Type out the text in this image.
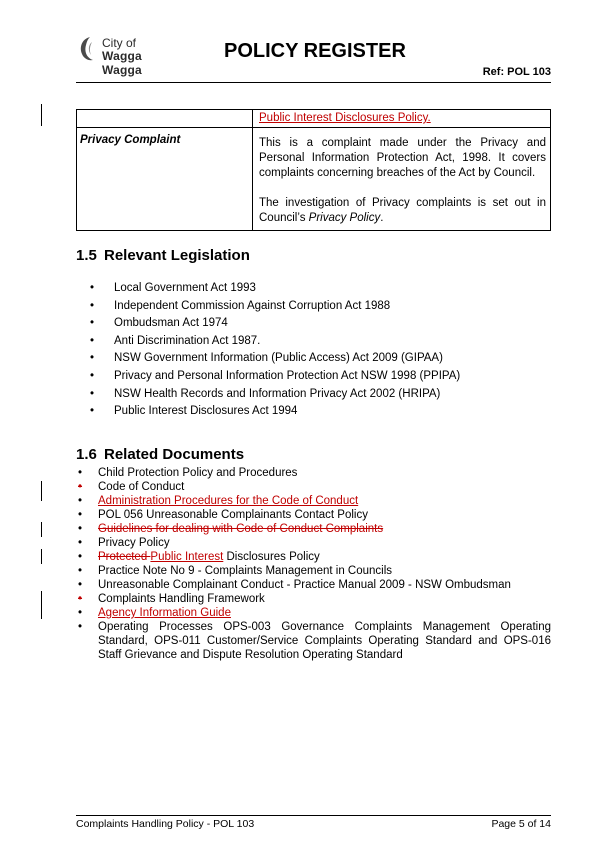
City of
Wagga Wagga
POLICY REGISTER
Ref: POL 103
	Public Interest Disclosures Policy.

Privacy Complaint	This is a complaint made under the Privacy and Personal Information Protection Act, 1998. It covers complaints concerning breaches of the Act by Council.

The investigation of Privacy complaints is set out in Council’s Privacy Policy.

1.5 Relevant Legislation
• Local Government Act 1993
• Independent Commission Against Corruption Act 1988
• Ombudsman Act 1974
• Anti Discrimination Act 1987.
• NSW Government Information (Public Access) Act 2009 (GIPAA)
• Privacy and Personal Information Protection Act NSW 1998 (PPIPA)
• NSW Health Records and Information Privacy Act 2002 (HRIPA)
• Public Interest Disclosures Act 1994
1.6 Related Documents
• Child Protection Policy and Procedures
• Code of Conduct
• Administration Procedures for the Code of Conduct
• POL 056 Unreasonable Complainants Contact Policy
• Guidelines for dealing with Code of Conduct Complaints
• Privacy Policy
• Protected Public Interest Disclosures Policy
• Practice Note No 9 - Complaints Management in Councils
• Unreasonable Complainant Conduct - Practice Manual 2009 - NSW Ombudsman
• Complaints Handling Framework
• Agency Information Guide
• Operating Processes OPS-003 Governance Complaints Management Operating Standard, OPS-011 Customer/Service Complaints Operating Standard and OPS-016 Staff Grievance and Dispute Resolution Operating Standard
Complaints Handling Policy - POL 103	Page 5 of 14
